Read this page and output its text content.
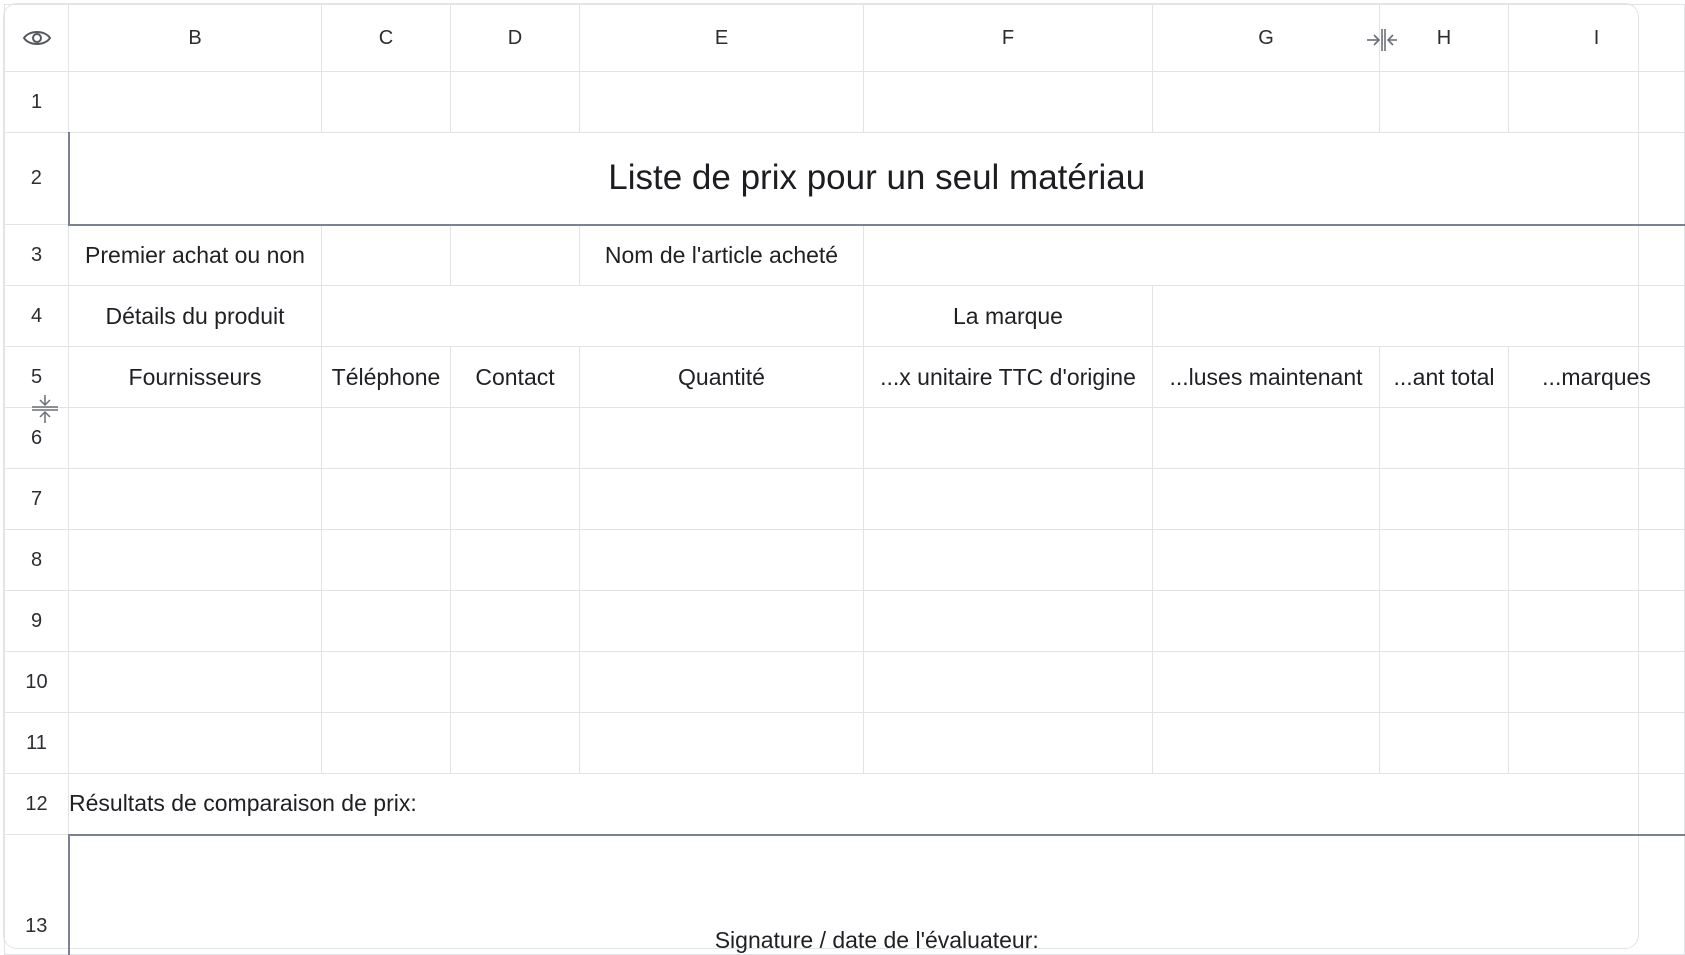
	B	C	D	E	F	G	H	I
1								
2	Liste de prix pour un seul matériau							
3	Premier achat ou non			Nom de l'article acheté				
4	Détails du produit				La marque			
5	Fournisseurs	Téléphone	Contact	Quantité	...x unitaire TTC d'origine	...luses maintenant	...ant total	...marques

6								
7								
8								
9								
10								
11								
12	Résultats de comparaison de prix:							
13	Signature / date de l'évaluateur:							
